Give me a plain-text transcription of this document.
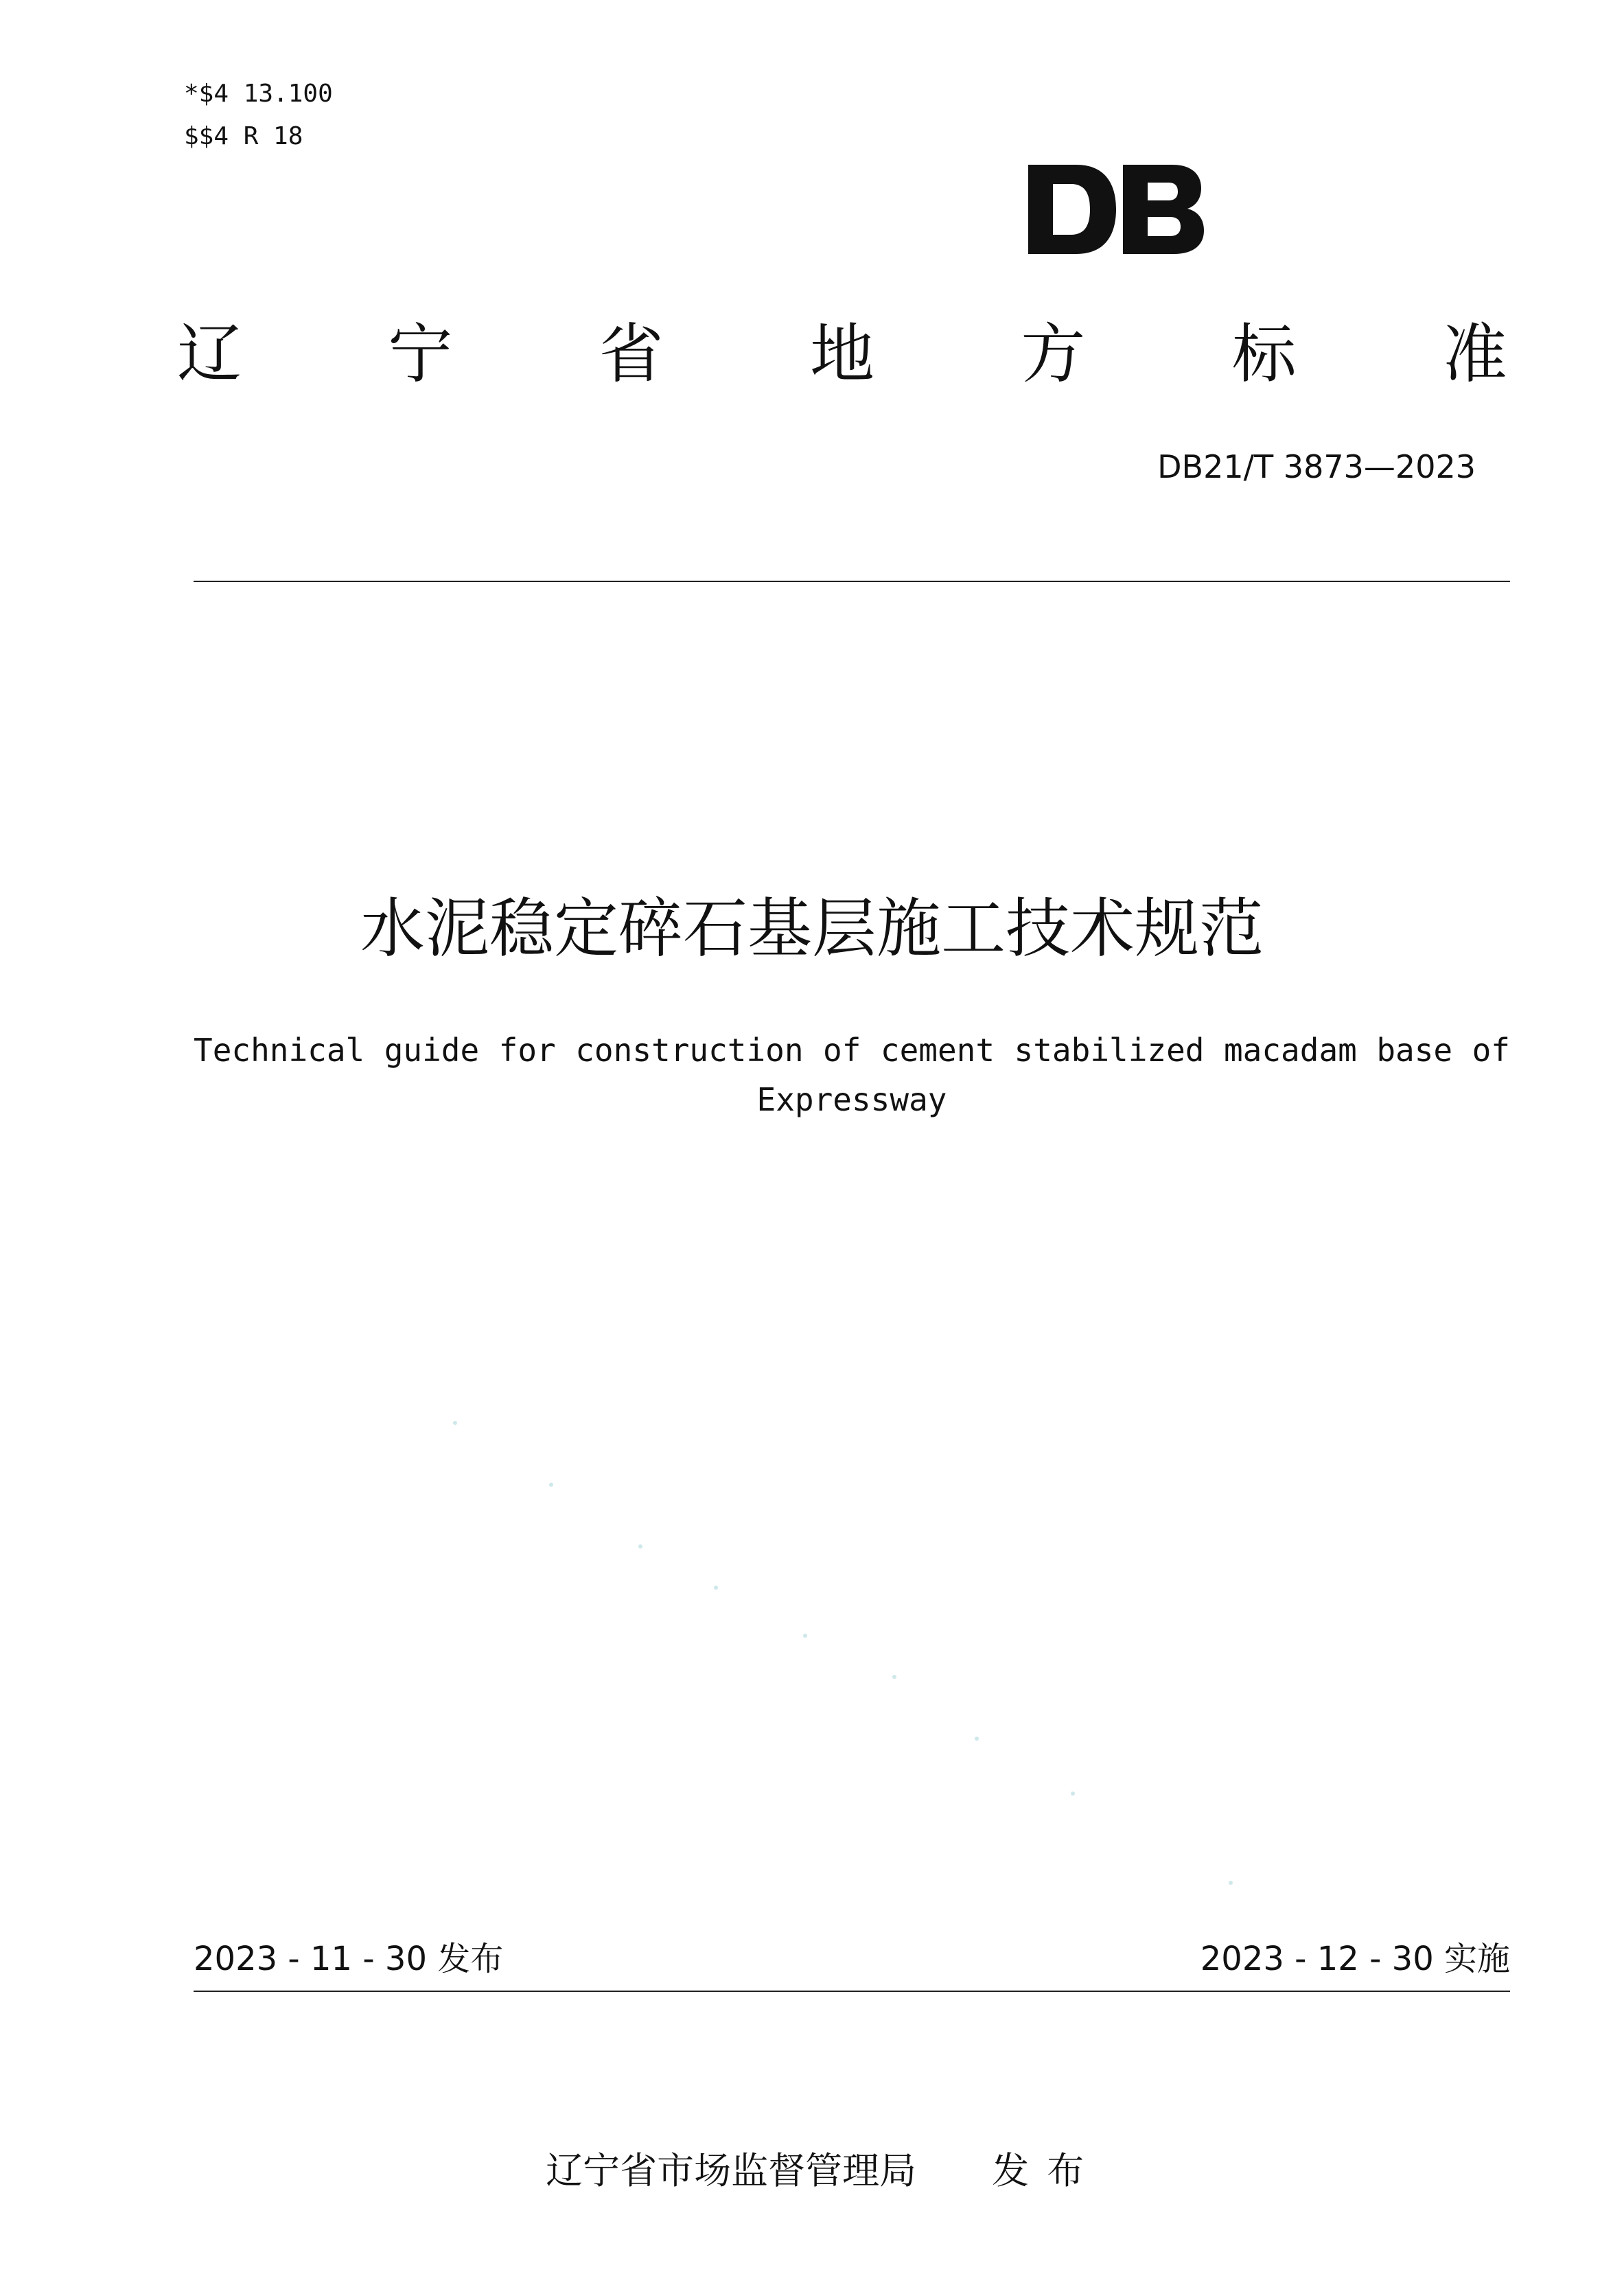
*$4 13.100
$$4 R 18
辽 宁 省 地 方 标 准
DB21/T 3873—2023
水泥稳定碎石基层施工技术规范
Technical guide for construction of cement stabilized macadam base of
Expressway
2023 - 11 - 30 发布	2023 - 12 - 30 实施

辽宁省市场监督管理局 发布
